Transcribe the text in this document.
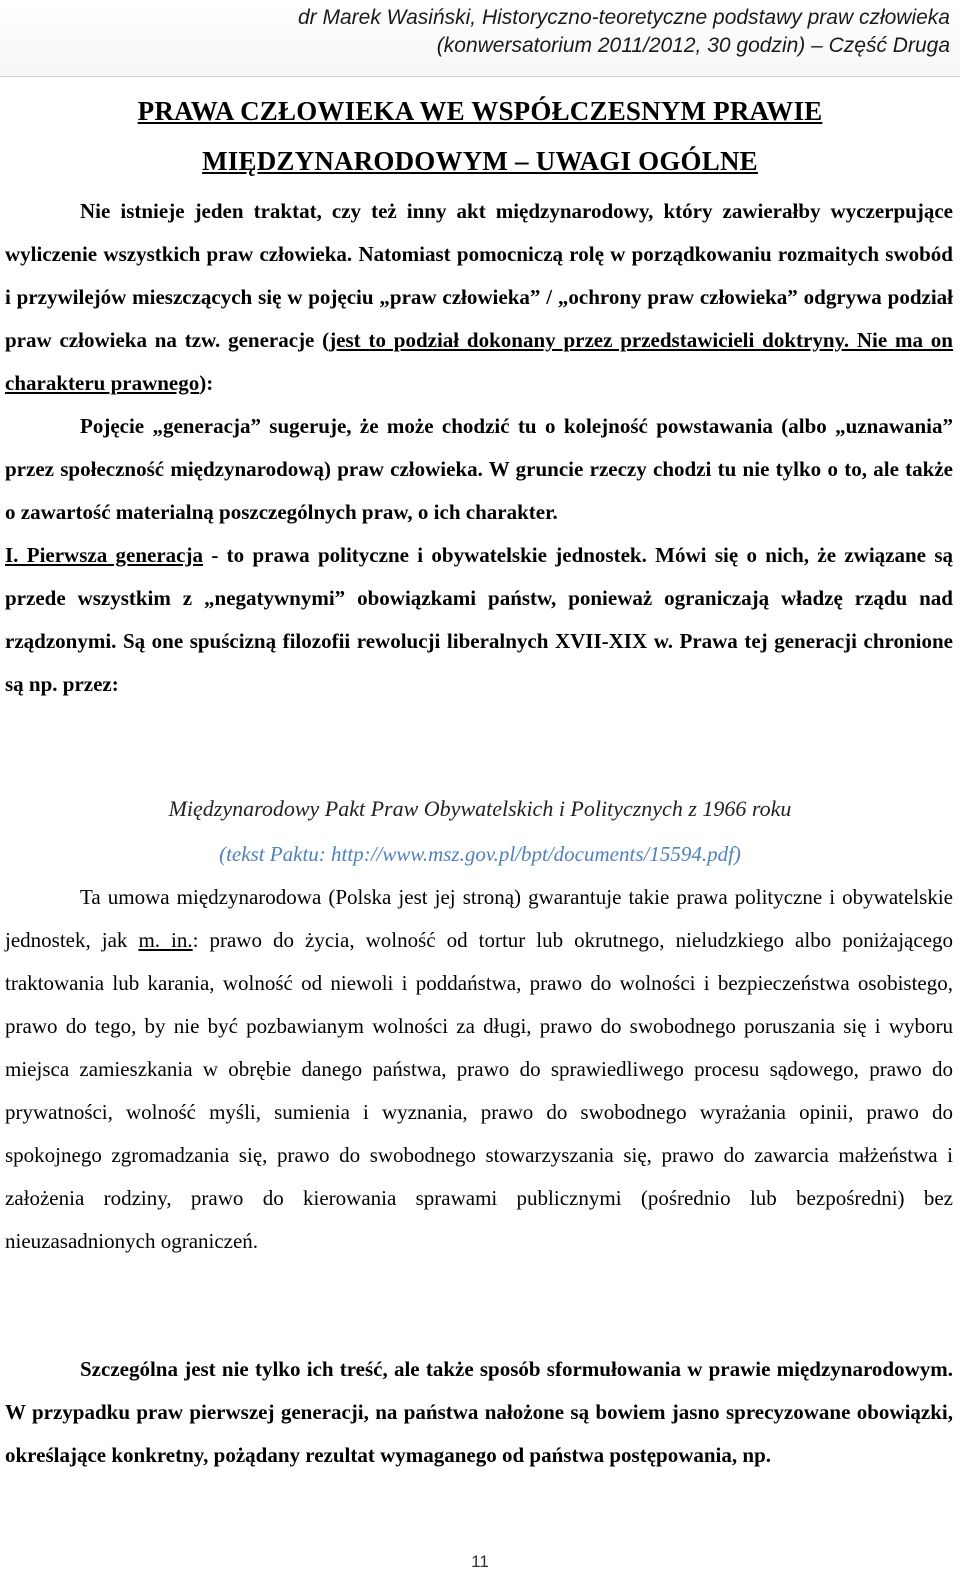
dr Marek Wasiński, Historyczno-teoretyczne podstawy praw człowieka
(konwersatorium 2011/2012, 30 godzin) – Część Druga
PRAWA CZŁOWIEKA WE WSPÓŁCZESNYM PRAWIE
MIĘDZYNARODOWYM – UWAGI OGÓLNE

Nie istnieje jeden traktat, czy też inny akt międzynarodowy, który zawierałby wyczerpujące wyliczenie wszystkich praw człowieka. Natomiast pomocniczą rolę w porządkowaniu rozmaitych swobód i przywilejów mieszczących się w pojęciu „praw człowieka” / „ochrony praw człowieka” odgrywa podział praw człowieka na tzw. generacje (jest to podział dokonany przez przedstawicieli doktryny. Nie ma on charakteru prawnego):

Pojęcie „generacja” sugeruje, że może chodzić tu o kolejność powstawania (albo „uznawania” przez społeczność międzynarodową) praw człowieka. W gruncie rzeczy chodzi tu nie tylko o to, ale także o zawartość materialną poszczególnych praw, o ich charakter.

I. Pierwsza generacja - to prawa polityczne i obywatelskie jednostek. Mówi się o nich, że związane są przede wszystkim z „negatywnymi” obowiązkami państw, ponieważ ograniczają władzę rządu nad rządzonymi. Są one spuścizną filozofii rewolucji liberalnych XVII-XIX w. Prawa tej generacji chronione są np. przez:

Międzynarodowy Pakt Praw Obywatelskich i Politycznych z 1966 roku
(tekst Paktu: http://www.msz.gov.pl/bpt/documents/15594.pdf)

Ta umowa międzynarodowa (Polska jest jej stroną) gwarantuje takie prawa polityczne i obywatelskie jednostek, jak m. in.: prawo do życia, wolność od tortur lub okrutnego, nieludzkiego albo poniżającego traktowania lub karania, wolność od niewoli i poddaństwa, prawo do wolności i bezpieczeństwa osobistego, prawo do tego, by nie być pozbawianym wolności za długi, prawo do swobodnego poruszania się i wyboru miejsca zamieszkania w obrębie danego państwa, prawo do sprawiedliwego procesu sądowego, prawo do prywatności, wolność myśli, sumienia i wyznania, prawo do swobodnego wyrażania opinii, prawo do spokojnego zgromadzania się, prawo do swobodnego stowarzyszania się, prawo do zawarcia małżeństwa i założenia rodziny, prawo do kierowania sprawami publicznymi (pośrednio lub bezpośredni) bez nieuzasadnionych ograniczeń.

Szczególna jest nie tylko ich treść, ale także sposób sformułowania w prawie międzynarodowym. W przypadku praw pierwszej generacji, na państwa nałożone są bowiem jasno sprecyzowane obowiązki, określające konkretny, pożądany rezultat wymaganego od państwa postępowania, np.

11
